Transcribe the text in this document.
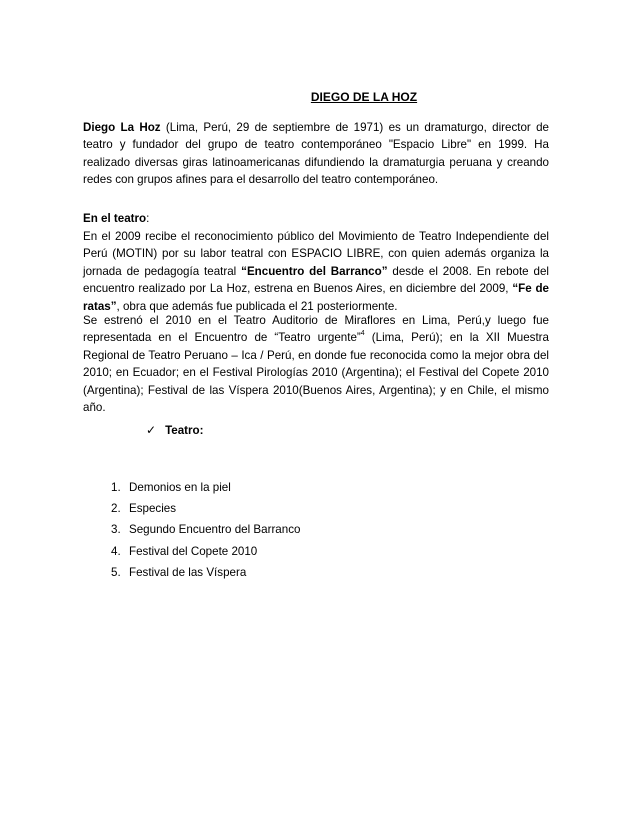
DIEGO DE LA HOZ
Diego La Hoz (Lima, Perú, 29 de septiembre de 1971) es un dramaturgo, director de teatro y fundador del grupo de teatro contemporáneo "Espacio Libre" en 1999. Ha realizado diversas giras latinoamericanas difundiendo la dramaturgia peruana y creando redes con grupos afines para el desarrollo del teatro contemporáneo.
En el teatro:
En el 2009 recibe el reconocimiento público del Movimiento de Teatro Independiente del Perú (MOTIN) por su labor teatral con ESPACIO LIBRE, con quien además organiza la jornada de pedagogía teatral “Encuentro del Barranco” desde el 2008. En rebote del encuentro realizado por La Hoz, estrena en Buenos Aires, en diciembre del 2009, “Fe de ratas”, obra que además fue publicada el 21 posteriormente.
Se estrenó el 2010 en el Teatro Auditorio de Miraflores en Lima, Perú,y luego fue representada en el Encuentro de “Teatro urgente”$^4$ (Lima, Perú); en la XII Muestra Regional de Teatro Peruano – Ica / Perú, en donde fue reconocida como la mejor obra del 2010; en Ecuador; en el Festival Pirologías 2010 (Argentina); el Festival del Copete 2010 (Argentina); Festival de las Víspera 2010(Buenos Aires, Argentina); y en Chile, el mismo año.
✓ Teatro:
1. Demonios en la piel
2. Especies
3. Segundo Encuentro del Barranco
4. Festival del Copete 2010
5. Festival de las Víspera
